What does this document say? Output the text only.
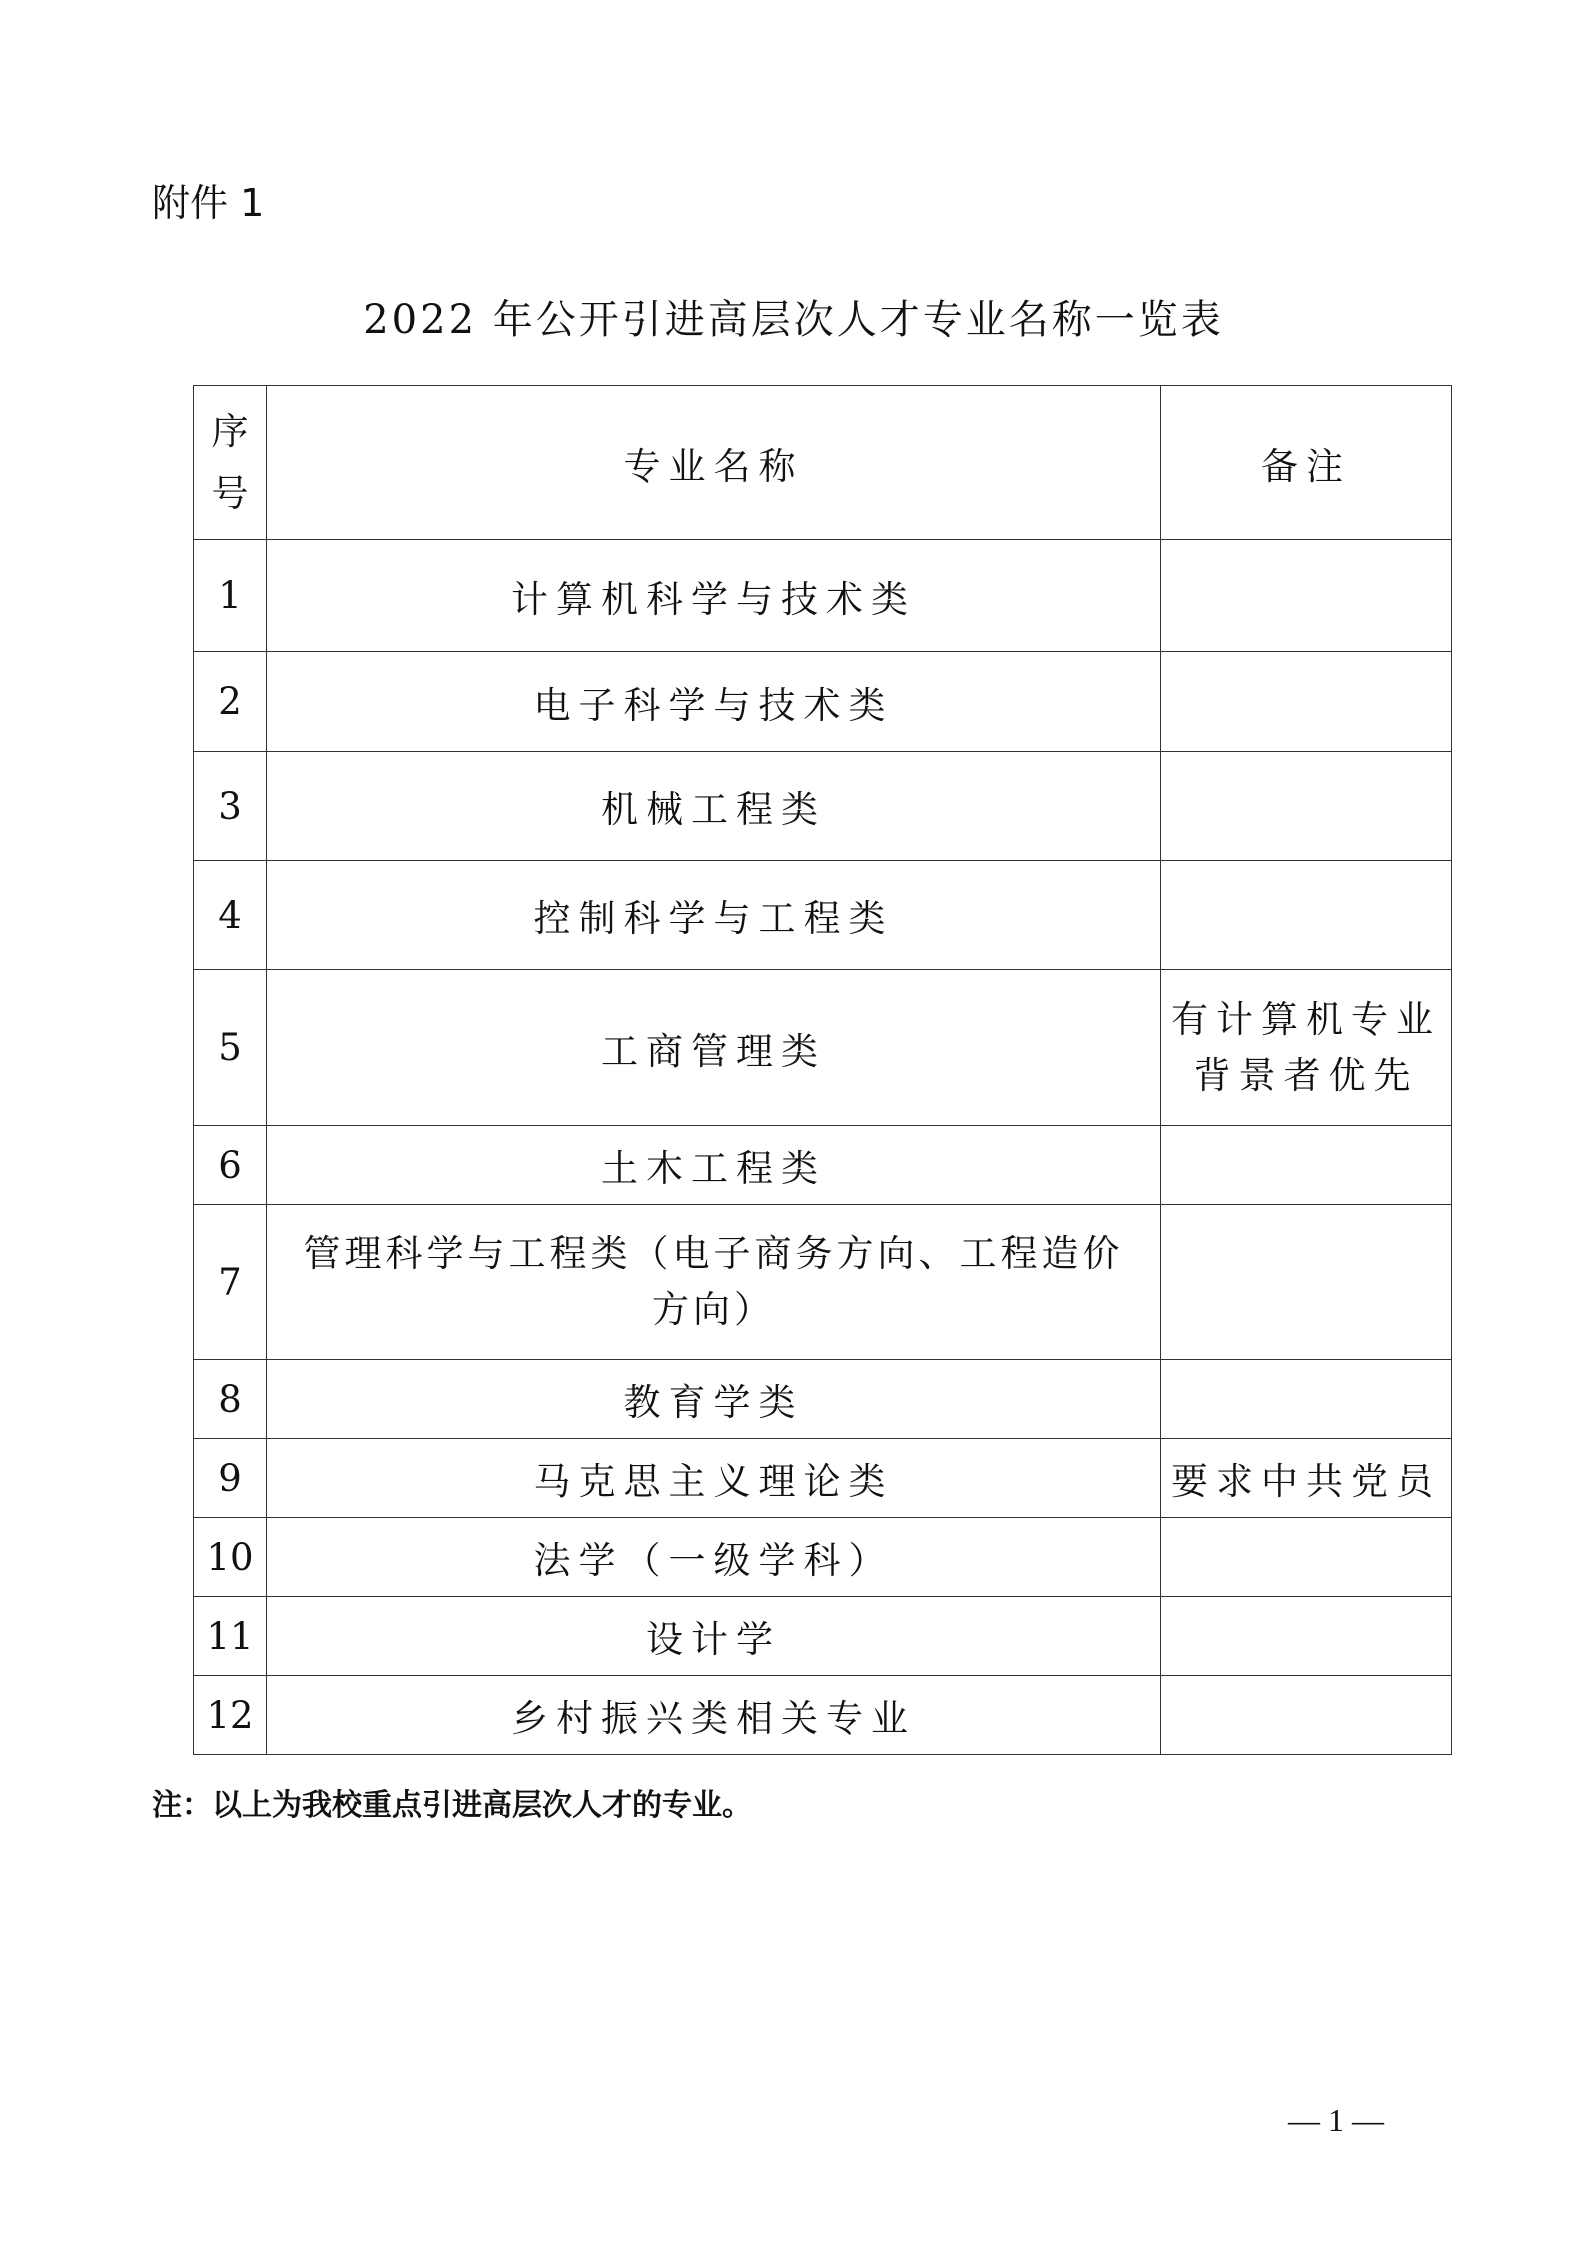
附件 1
2022 年公开引进高层次人才专业名称一览表
序
号	专业名称	备注
1	计算机科学与技术类	
2	电子科学与技术类	
3	机械工程类	
4	控制科学与工程类	
5	工商管理类	有计算机专业
背景者优先
6	土木工程类	
7	管理科学与工程类（电子商务方向、工程造价
方向）	
8	教育学类	
9	马克思主义理论类	要求中共党员
10	法学（一级学科）	
11	设计学	
12	乡村振兴类相关专业	
注：以上为我校重点引进高层次人才的专业。
— 1 —
